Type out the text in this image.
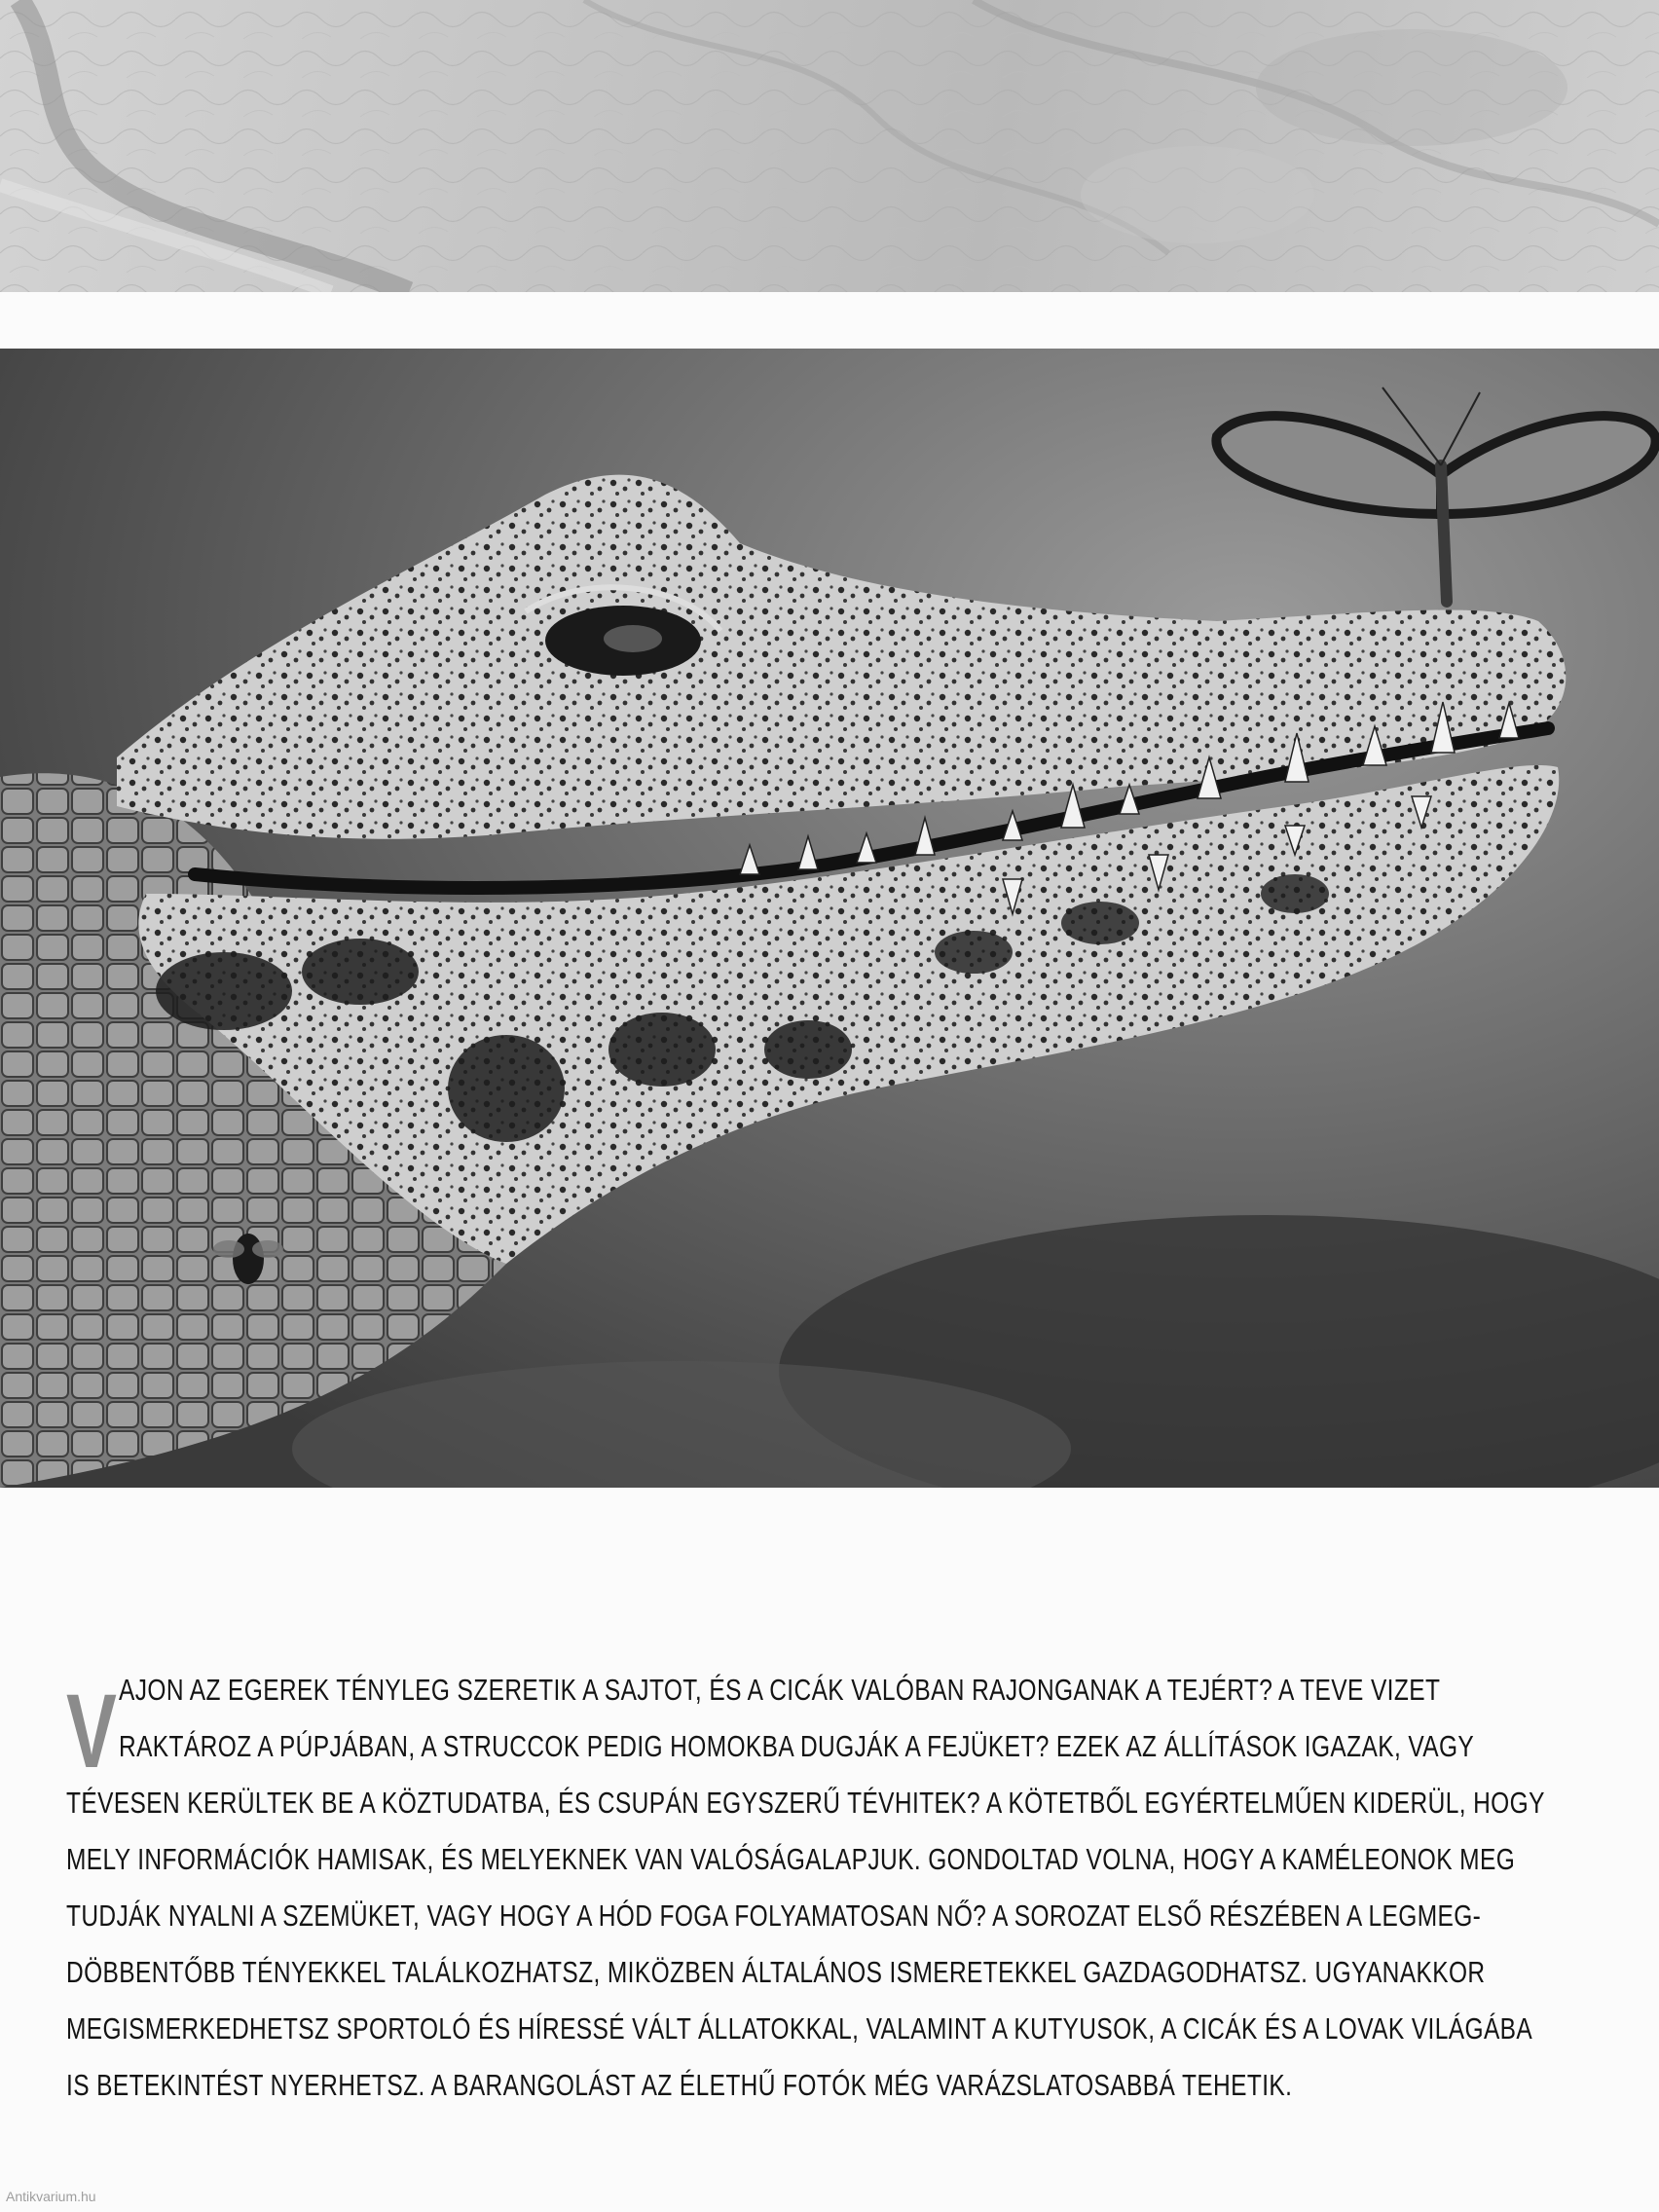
V AJON AZ EGEREK TÉNYLEG SZERETIK A SAJTOT, ÉS A CICÁK VALÓBAN RAJONGANAK A TEJÉRT? A TEVE VIZET
RAKTÁROZ A PÚPJÁBAN, A STRUCCOK PEDIG HOMOKBA DUGJÁK A FEJÜKET? EZEK AZ ÁLLÍTÁSOK IGAZAK, VAGY
TÉVESEN KERÜLTEK BE A KÖZTUDATBA, ÉS CSUPÁN EGYSZERŰ TÉVHITEK? A KÖTETBŐL EGYÉRTELMŰEN KIDERÜL, HOGY
MELY INFORMÁCIÓK HAMISAK, ÉS MELYEKNEK VAN VALÓSÁGALAPJUK. GONDOLTAD VOLNA, HOGY A KAMÉLEONOK MEG
TUDJÁK NYALNI A SZEMÜKET, VAGY HOGY A HÓD FOGA FOLYAMATOSAN NŐ? A SOROZAT ELSŐ RÉSZÉBEN A LEGMEG-
DÖBBENTŐBB TÉNYEKKEL TALÁLKOZHATSZ, MIKÖZBEN ÁLTALÁNOS ISMERETEKKEL GAZDAGODHATSZ. UGYANAKKOR
MEGISMERKEDHETSZ SPORTOLÓ ÉS HÍRESSÉ VÁLT ÁLLATOKKAL, VALAMINT A KUTYUSOK, A CICÁK ÉS A LOVAK VILÁGÁBA
IS BETEKINTÉST NYERHETSZ. A BARANGOLÁST AZ ÉLETHŰ FOTÓK MÉG VARÁZSLATOSABBÁ TEHETIK.
Antikvarium.hu
